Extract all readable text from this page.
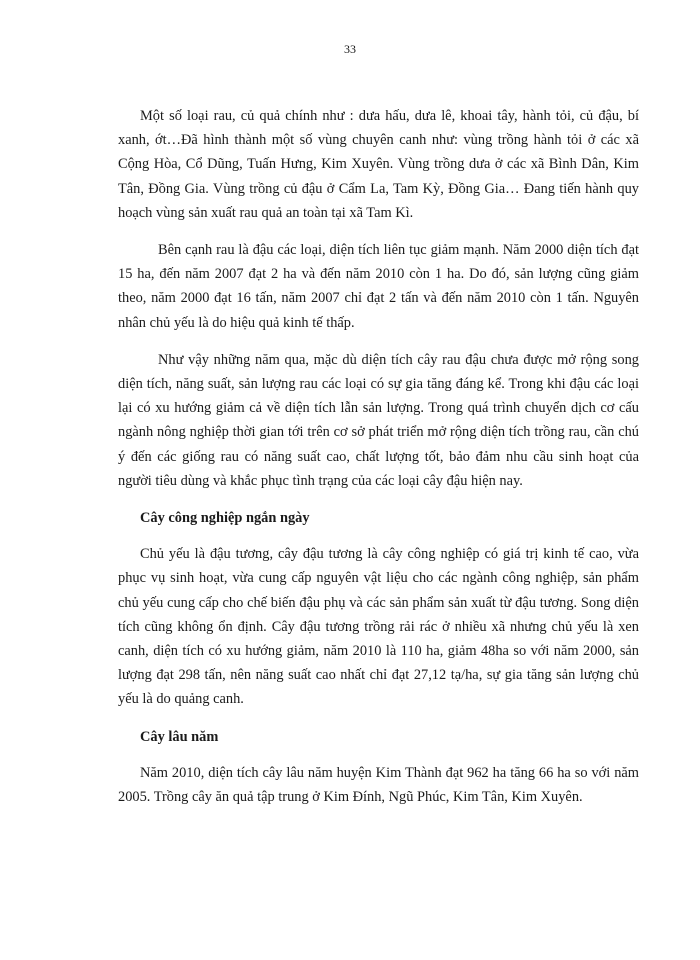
33

Một số loại rau, củ quả chính như : dưa hấu, dưa lê, khoai tây, hành tỏi, củ đậu, bí xanh, ớt…Đã hình thành một số vùng chuyên canh như: vùng trồng hành tỏi ở các xã Cộng Hòa, Cổ Dũng, Tuấn Hưng, Kim Xuyên. Vùng trồng dưa ở các xã Bình Dân, Kim Tân, Đồng Gia. Vùng trồng củ đậu ở Cẩm La, Tam Kỳ, Đồng Gia… Đang tiến hành quy hoạch vùng sản xuất rau quả an toàn tại xã Tam Kì.

Bên cạnh rau là đậu các loại, diện tích liên tục giảm mạnh. Năm 2000 diện tích đạt 15 ha, đến năm 2007 đạt 2 ha và đến năm 2010 còn 1 ha. Do đó, sản lượng cũng giảm theo, năm 2000 đạt 16 tấn, năm 2007 chỉ đạt 2 tấn và đến năm 2010 còn 1 tấn. Nguyên nhân chủ yếu là do hiệu quả kinh tế thấp.

Như vậy những năm qua, mặc dù diện tích cây rau đậu chưa được mở rộng song diện tích, năng suất, sản lượng rau các loại có sự gia tăng đáng kể. Trong khi đậu các loại lại có xu hướng giảm cả về diện tích lẫn sản lượng. Trong quá trình chuyển dịch cơ cấu ngành nông nghiệp thời gian tới trên cơ sở phát triển mở rộng diện tích trồng rau, cần chú ý đến các giống rau có năng suất cao, chất lượng tốt, bảo đảm nhu cầu sinh hoạt của người tiêu dùng và khắc phục tình trạng của các loại cây đậu hiện nay.

Cây công nghiệp ngắn ngày

Chủ yếu là đậu tương, cây đậu tương là cây công nghiệp có giá trị kinh tế cao, vừa phục vụ sinh hoạt, vừa cung cấp nguyên vật liệu cho các ngành công nghiệp, sản phẩm chủ yếu cung cấp cho chế biến đậu phụ và các sản phẩm sản xuất từ đậu tương. Song diện tích cũng không ổn định. Cây đậu tương trồng rải rác ở nhiều xã nhưng chủ yếu là xen canh, diện tích có xu hướng giảm, năm 2010 là 110 ha, giảm 48ha so với năm 2000, sản lượng đạt 298 tấn, nên năng suất cao nhất chỉ đạt 27,12 tạ/ha, sự gia tăng sản lượng chủ yếu là do quảng canh.

Cây lâu năm

Năm 2010, diện tích cây lâu năm huyện Kim Thành đạt 962 ha tăng 66 ha so với năm 2005. Trồng cây ăn quả tập trung ở Kim Đính, Ngũ Phúc, Kim Tân, Kim Xuyên.
